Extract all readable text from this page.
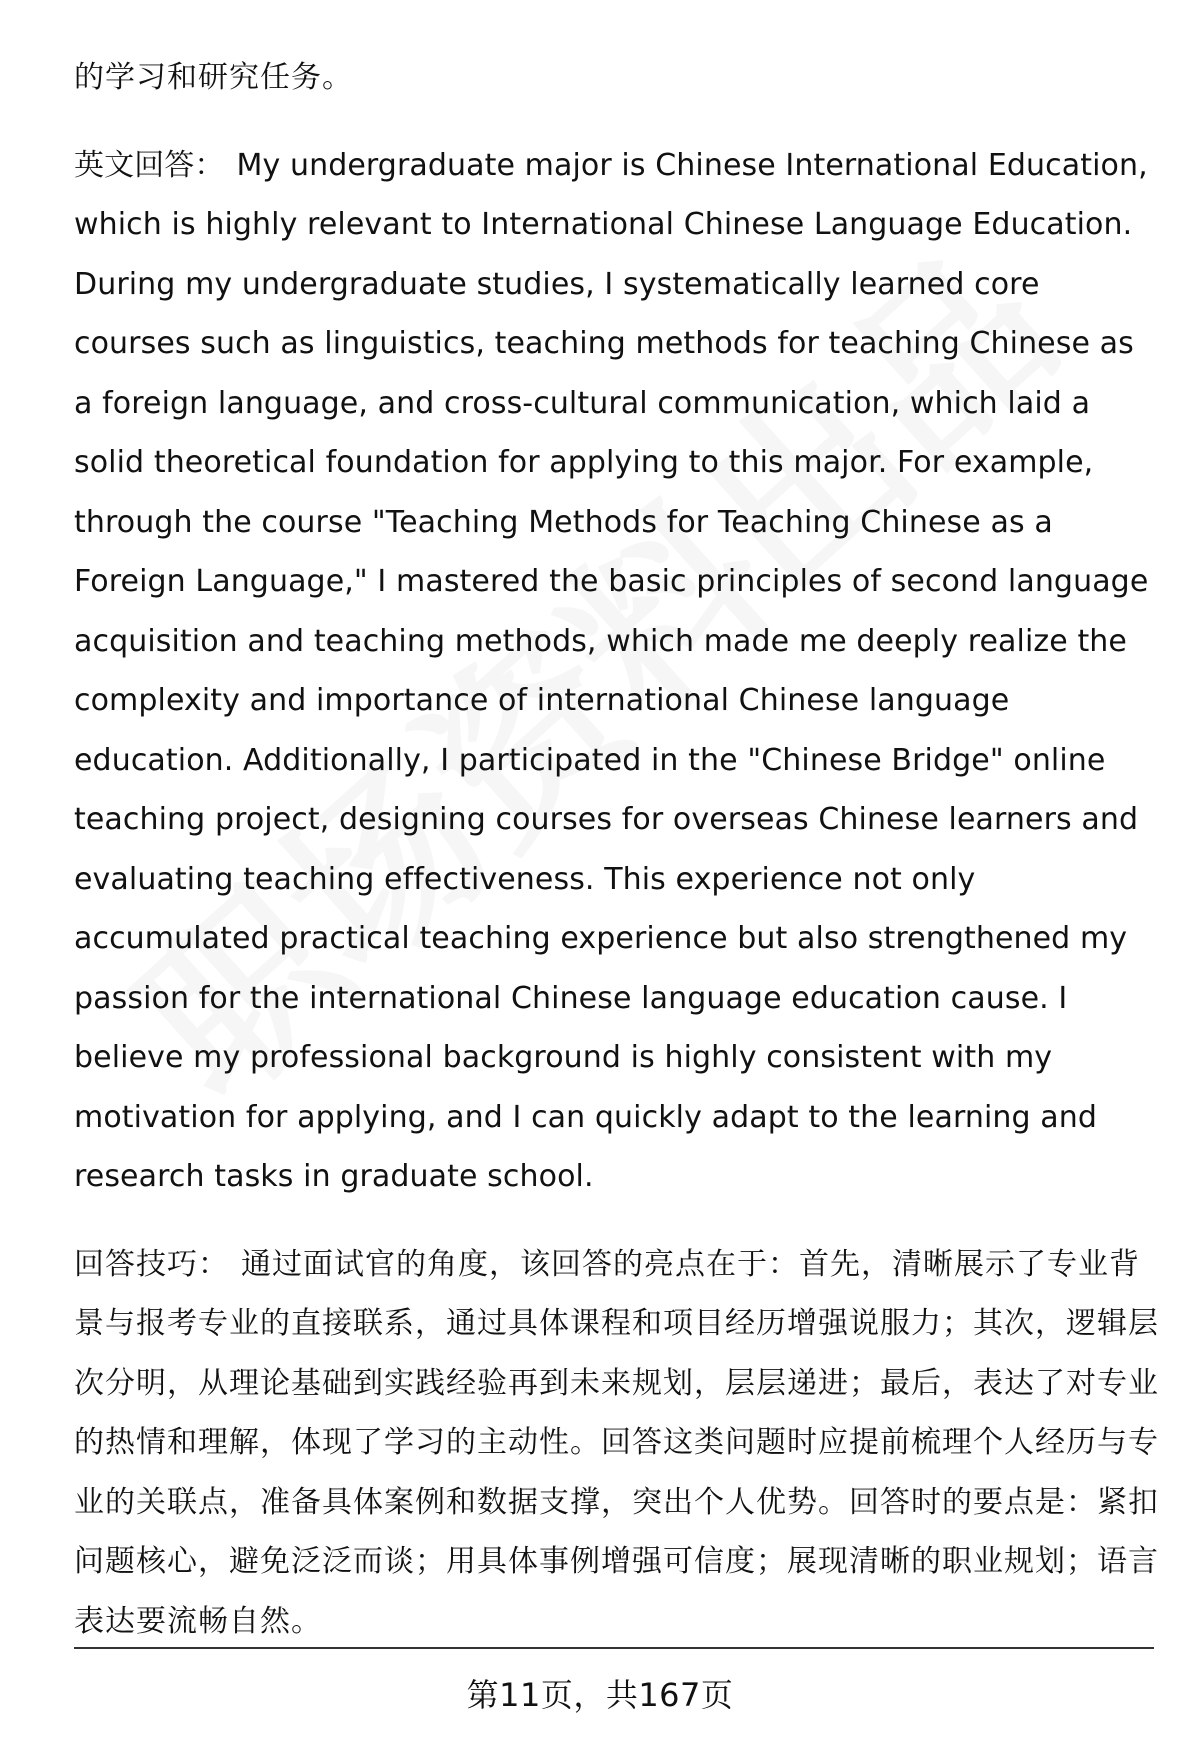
的学习和研究任务。

英文回答： My undergraduate major is Chinese International Education, which is highly relevant to International Chinese Language Education. During my undergraduate studies, I systematically learned core courses such as linguistics, teaching methods for teaching Chinese as a foreign language, and cross-cultural communication, which laid a solid theoretical foundation for applying to this major. For example, through the course "Teaching Methods for Teaching Chinese as a Foreign Language," I mastered the basic principles of second language acquisition and teaching methods, which made me deeply realize the complexity and importance of international Chinese language education. Additionally, I participated in the "Chinese Bridge" online teaching project, designing courses for overseas Chinese learners and evaluating teaching effectiveness. This experience not only accumulated practical teaching experience but also strengthened my passion for the international Chinese language education cause. I believe my professional background is highly consistent with my motivation for applying, and I can quickly adapt to the learning and research tasks in graduate school.

回答技巧： 通过面试官的角度，该回答的亮点在于：首先，清晰展示了专业背景与报考专业的直接联系，通过具体课程和项目经历增强说服力；其次，逻辑层次分明，从理论基础到实践经验再到未来规划，层层递进；最后，表达了对专业的热情和理解，体现了学习的主动性。回答这类问题时应提前梳理个人经历与专业的关联点，准备具体案例和数据支撑，突出个人优势。回答时的要点是：紧扣问题核心，避免泛泛而谈；用具体事例增强可信度；展现清晰的职业规划；语言表达要流畅自然。

第11页，共167页
